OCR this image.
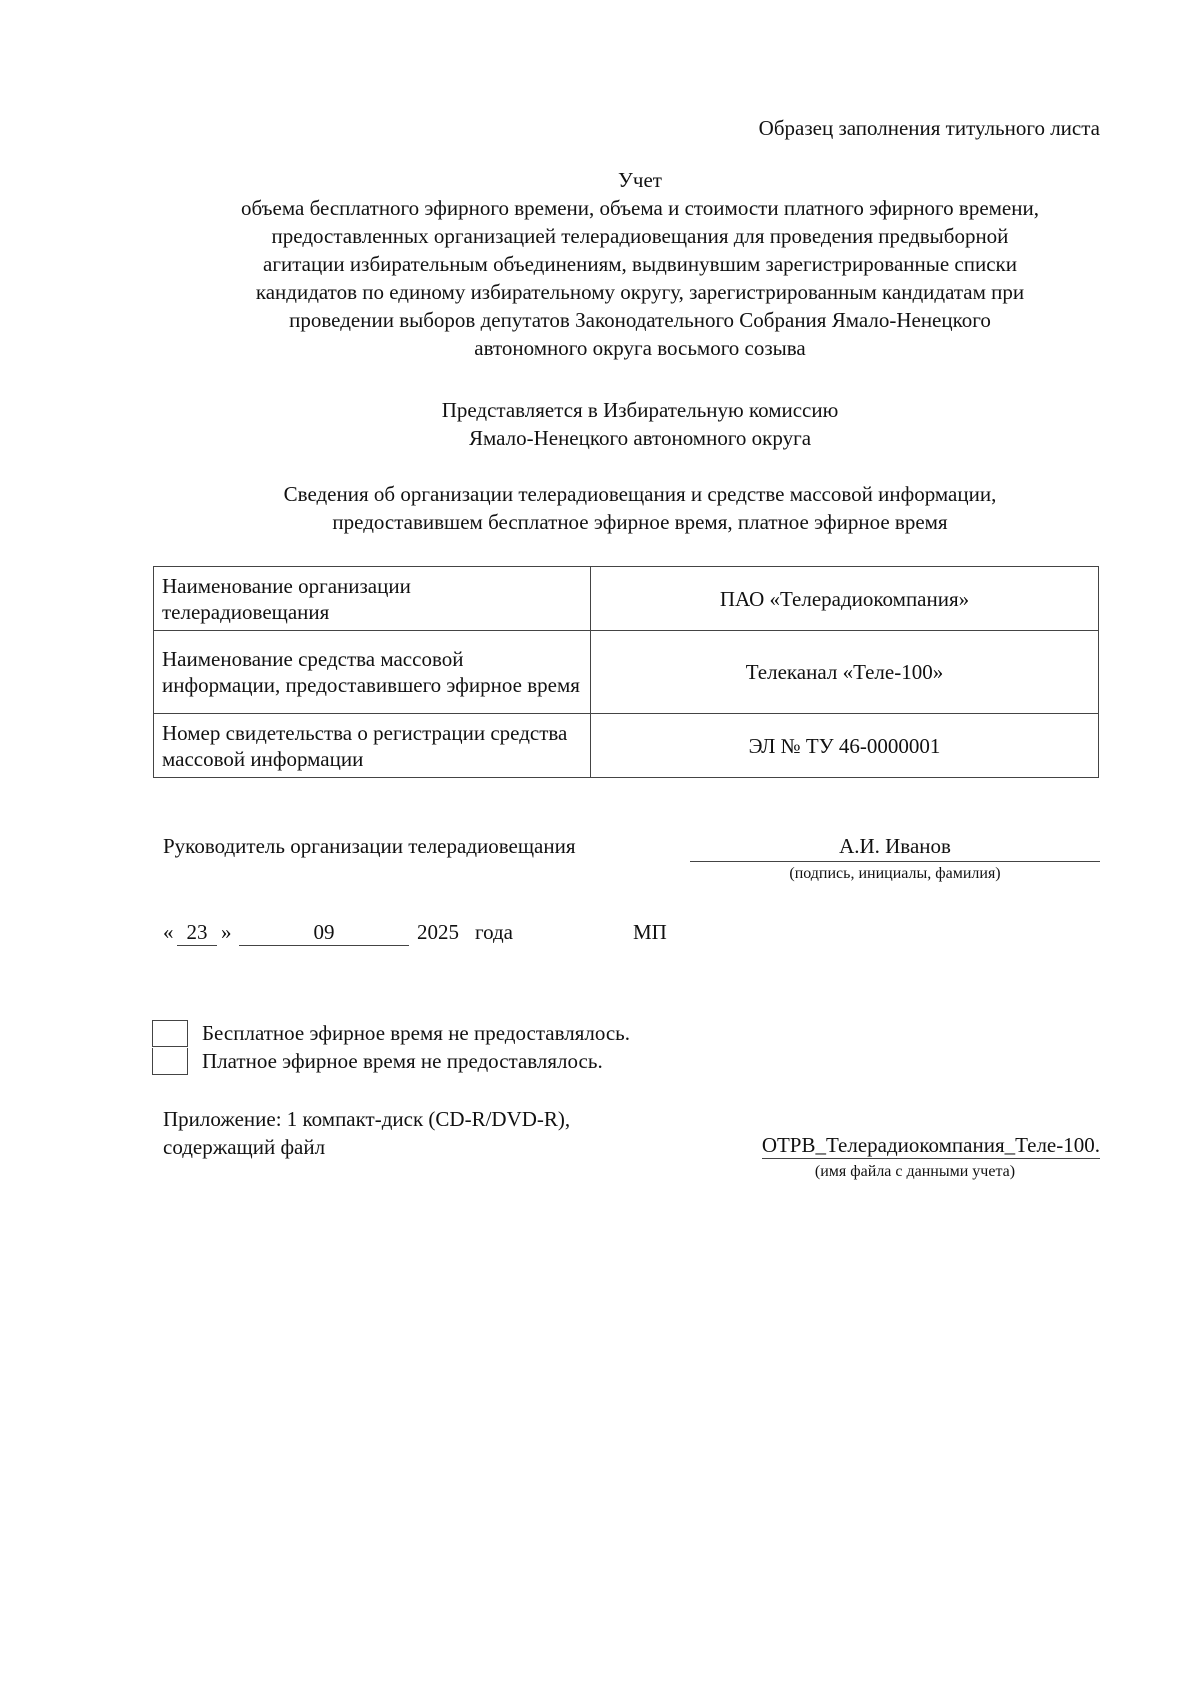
Образец заполнения титульного листа
Учет
объема бесплатного эфирного времени, объема и стоимости платного эфирного времени,
предоставленных организацией телерадиовещания для проведения предвыборной
агитации избирательным объединениям, выдвинувшим зарегистрированные списки
кандидатов по единому избирательному округу, зарегистрированным кандидатам при
проведении выборов депутатов Законодательного Собрания Ямало-Ненецкого
автономного округа восьмого созыва
Представляется в Избирательную комиссию
Ямало-Ненецкого автономного округа
Сведения об организации телерадиовещания и средстве массовой информации,
предоставившем бесплатное эфирное время, платное эфирное время
Наименование организации телерадиовещания	ПАО «Телерадиокомпания»
Наименование средства массовой информации, предоставившего эфирное время	Телеканал «Теле-100»
Номер свидетельства о регистрации средства массовой информации	ЭЛ № ТУ 46-0000001
Руководитель организации телерадиовещания	А.И. Иванов
(подпись, инициалы, фамилия)
« 23 »	09	2025 года	МП
Бесплатное эфирное время не предоставлялось.
Платное эфирное время не предоставлялось.
Приложение: 1 компакт-диск (CD-R/DVD-R),
содержащий файл	ОТРВ_Телерадиокомпания_Теле-100.
(имя файла с данными учета)
